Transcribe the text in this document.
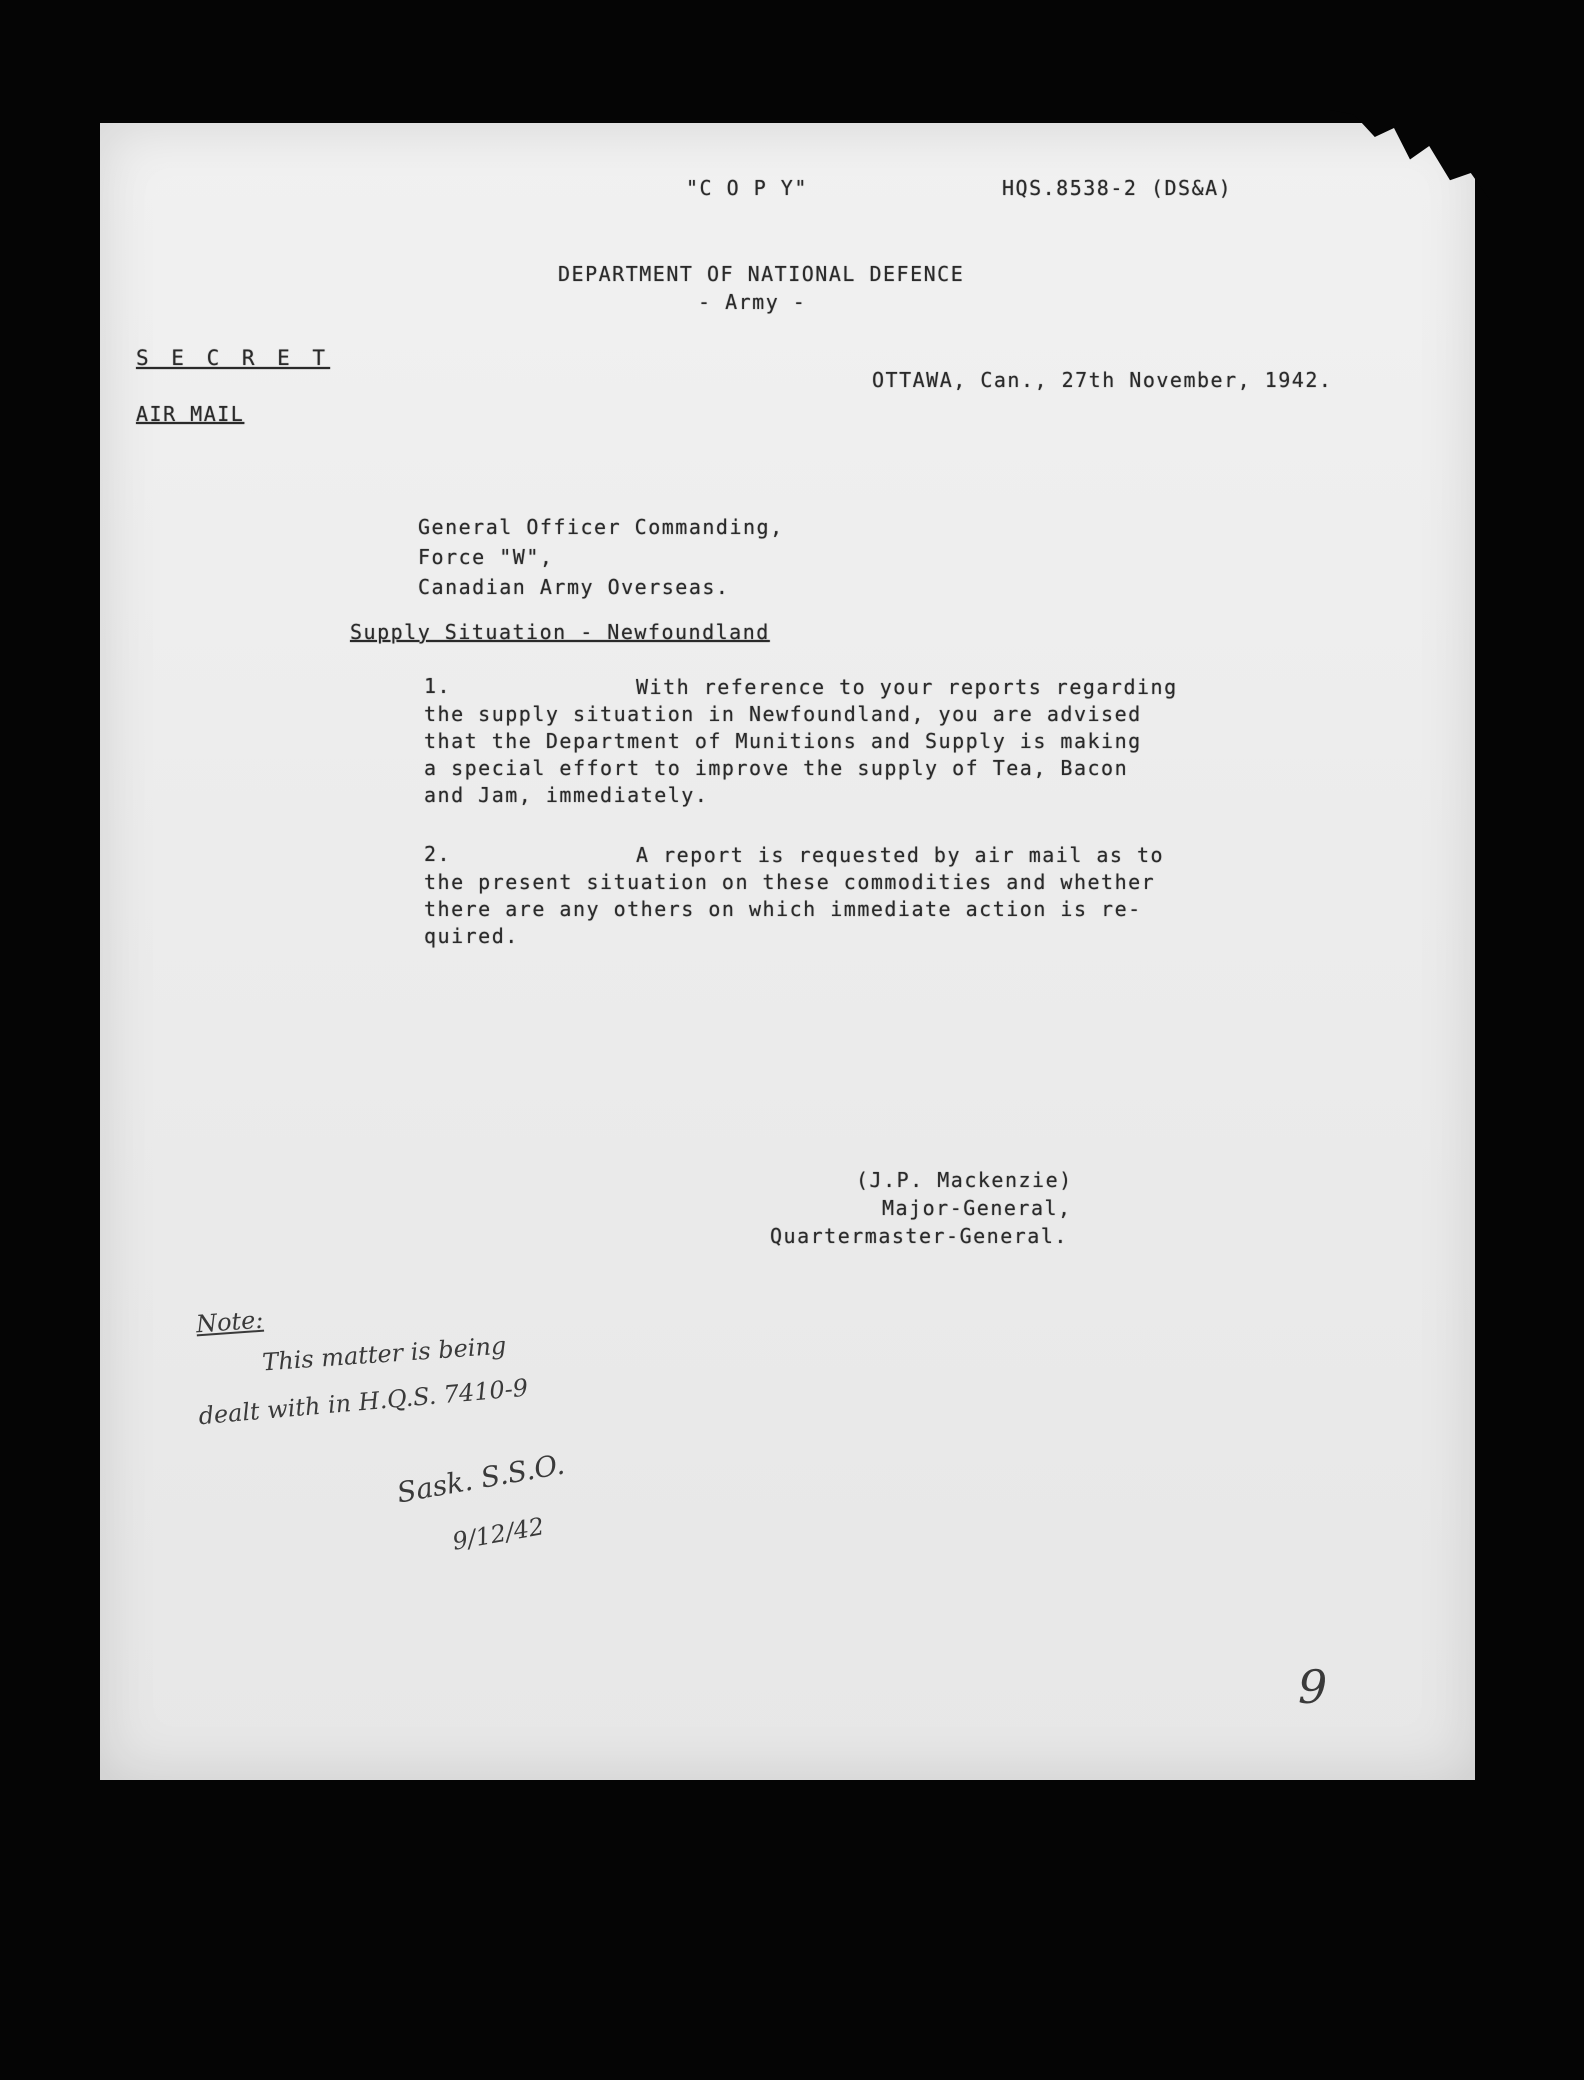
"C O P Y"	HQS.8538-2 (DS&A)
DEPARTMENT OF NATIONAL DEFENCE
- Army -
S E C R E T
AIR MAIL
OTTAWA, Can., 27th November, 1942.
General Officer Commanding,
Force "W",
Canadian Army Overseas.
Supply Situation - Newfoundland
1.	With reference to your reports regarding
the supply situation in Newfoundland, you are advised
that the Department of Munitions and Supply is making
a special effort to improve the supply of Tea, Bacon
and Jam, immediately.
2.	A report is requested by air mail as to
the present situation on these commodities and whether
there are any others on which immediate action is re-
quired.
(J.P. Mackenzie)
Major-General,
Quartermaster-General.
Note:
This matter is being
dealt with in H.Q.S. 7410-9
Sask. S.S.O.
9/12/42
9
